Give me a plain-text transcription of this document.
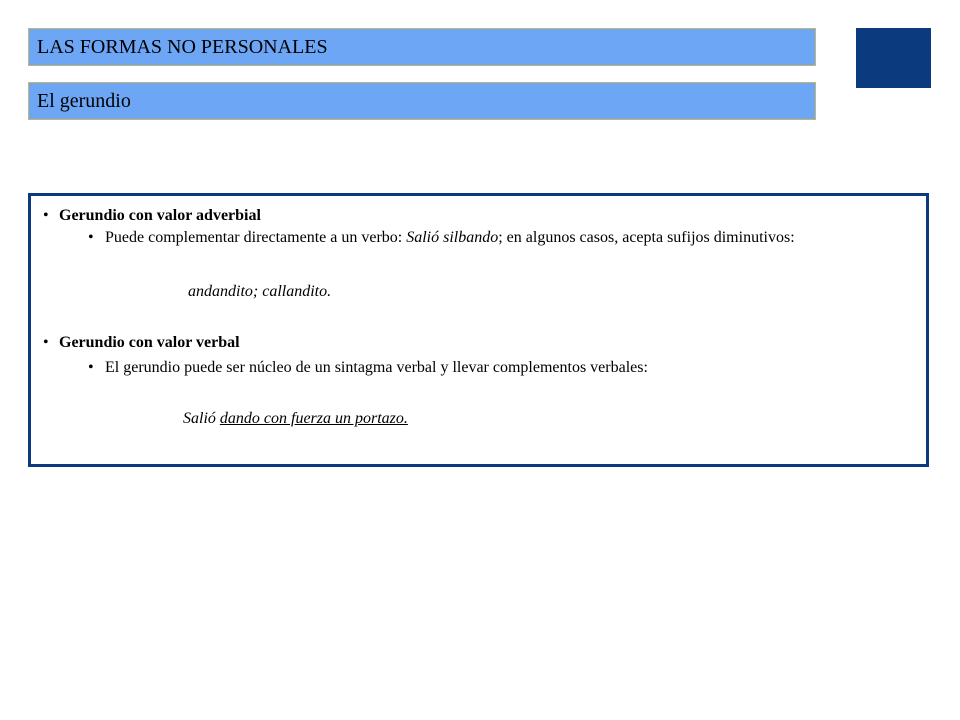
LAS FORMAS NO PERSONALES
El gerundio
• Gerundio con valor adverbial
• Puede complementar directamente a un verbo: Salió silbando; en algunos casos, acepta sufijos diminutivos:
andandito; callandito.
• Gerundio con valor verbal
• El gerundio puede ser núcleo de un sintagma verbal y llevar complementos verbales:
Salió dando con fuerza un portazo.
